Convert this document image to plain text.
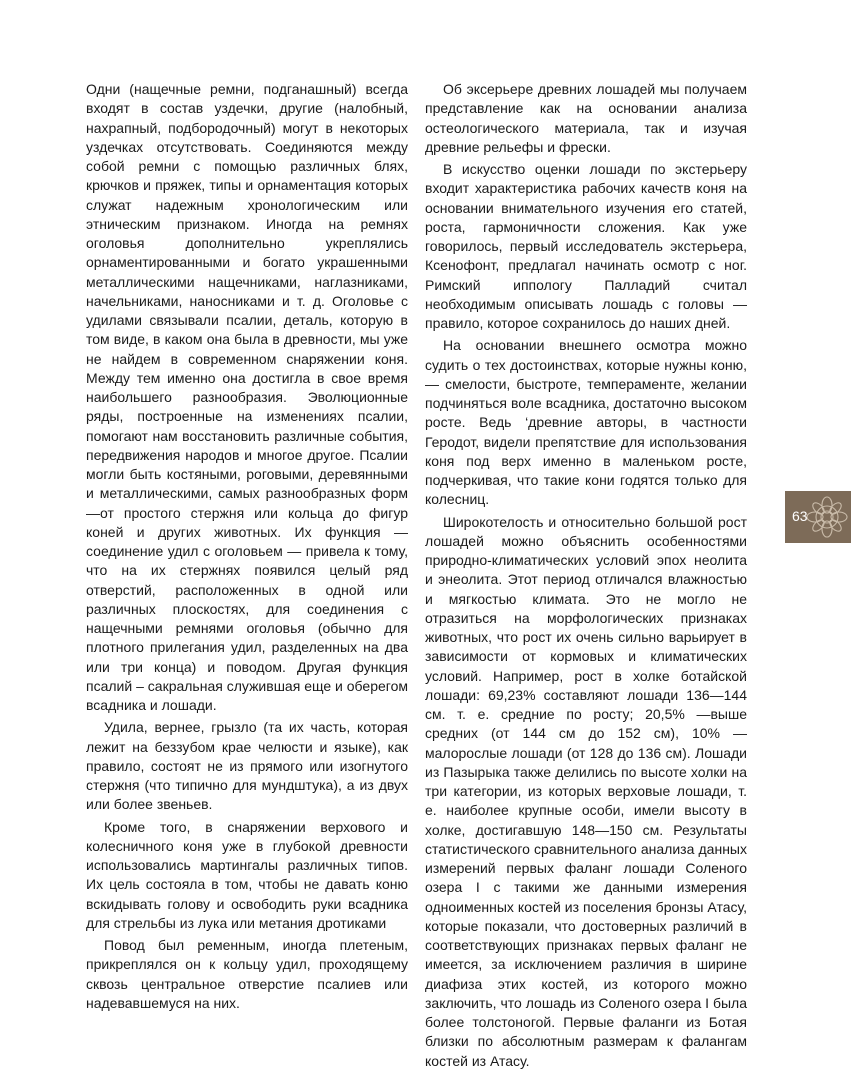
Одни (нащечные ремни, подганашный) всегда входят в состав уздечки, другие (налобный, нахрапный, подбородочный) могут в некоторых уздечках отсутствовать. Соединяются между собой ремни с помощью различных блях, крючков и пряжек, типы и орнаментация которых служат надежным хронологическим или этническим признаком. Иногда на ремнях оголовья дополнительно укреплялись орнаментированными и богато украшенными металлическими нащечниками, наглазниками, начельниками, наносниками и т. д. Оголовье с удилами связывали псалии, деталь, которую в том виде, в каком она была в древности, мы уже не найдем в современном снаряжении коня. Между тем именно она достигла в свое время наибольшего разнообразия. Эволюционные ряды, построенные на изменениях псалии, помогают нам восстановить различные события, передвижения народов и многое другое. Псалии могли быть костяными, роговыми, деревянными и металлическими, самых разнообразных форм—от простого стержня или кольца до фигур коней и других животных. Их функция — соединение удил с оголовьем — привела к тому, что на их стержнях появился целый ряд отверстий, расположенных в одной или различных плоскостях, для соединения с нащечными ремнями оголовья (обычно для плотного прилегания удил, разделенных на два или три конца) и поводом. Другая функция псалий – сакральная служившая еще и оберегом всадника и лошади.

Удила, вернее, грызло (та их часть, которая лежит на беззубом крае челюсти и языке), как правило, состоят не из прямого или изогнутого стержня (что типично для мундштука), а из двух или более звеньев.

Кроме того, в снаряжении верхового и колесничного коня уже в глубокой древности использовались мартингалы различных типов. Их цель состояла в том, чтобы не давать коню вскидывать голову и освободить руки всадника для стрельбы из лука или метания дротиками

Повод был ременным, иногда плетеным, прикреплялся он к кольцу удил, проходящему сквозь центральное отверстие псалиев или надевавшемуся на них.

Об эксерьере древних лошадей мы получаем представление как на основании анализа остеологического материала, так и изучая древние рельефы и фрески.

В искусство оценки лошади по экстерьеру входит характеристика рабочих качеств коня на основании внимательного изучения его статей, роста, гармоничности сложения. Как уже говорилось, первый исследователь экстерьера, Ксенофонт, предлагал начинать осмотр с ног. Римский иппологу Палладий считал необходимым описывать лошадь с головы — правило, которое сохранилось до наших дней.

На основании внешнего осмотра можно судить о тех достоинствах, которые нужны коню, — смелости, быстроте, темпераменте, желании подчиняться воле всадника, достаточно высоком росте. Ведь ‘древние авторы, в частности Геродот, видели препятствие для использования коня под верх именно в маленьком росте, подчеркивая, что такие кони годятся только для колесниц.

Широкотелость и относительно большой рост лошадей можно объяснить особенностями природно-климатических условий эпох неолита и энеолита. Этот период отличался влажностью и мягкостью климата. Это не могло не отразиться на морфологических признаках животных, что рост их очень сильно варьирует в зависимости от кормовых и климатических условий. Например, рост в холке ботайской лошади: 69,23% составляют лошади 136—144 см. т. е. средние по росту; 20,5% —выше средних (от 144 см до 152 см), 10% — малорослые лошади (от 128 до 136 см). Лошади из Пазырыка также делились по высоте холки на три категории, из которых верховые лошади, т. е. наиболее крупные особи, имели высоту в холке, достигавшую 148—150 см. Результаты статистического сравнительного анализа данных измерений первых фаланг лошади Соленого озера I с такими же данными измерения одноименных костей из поселения бронзы Атасу, которые показали, что достоверных различий в соответствующих признаках первых фаланг не имеется, за исключением различия в ширине диафиза этих костей, из которого можно заключить, что лошадь из Соленого озера I была более толстоногой. Первые фаланги из Ботая близки по абсолютным размерам к фалангам костей из Атасу.

63
